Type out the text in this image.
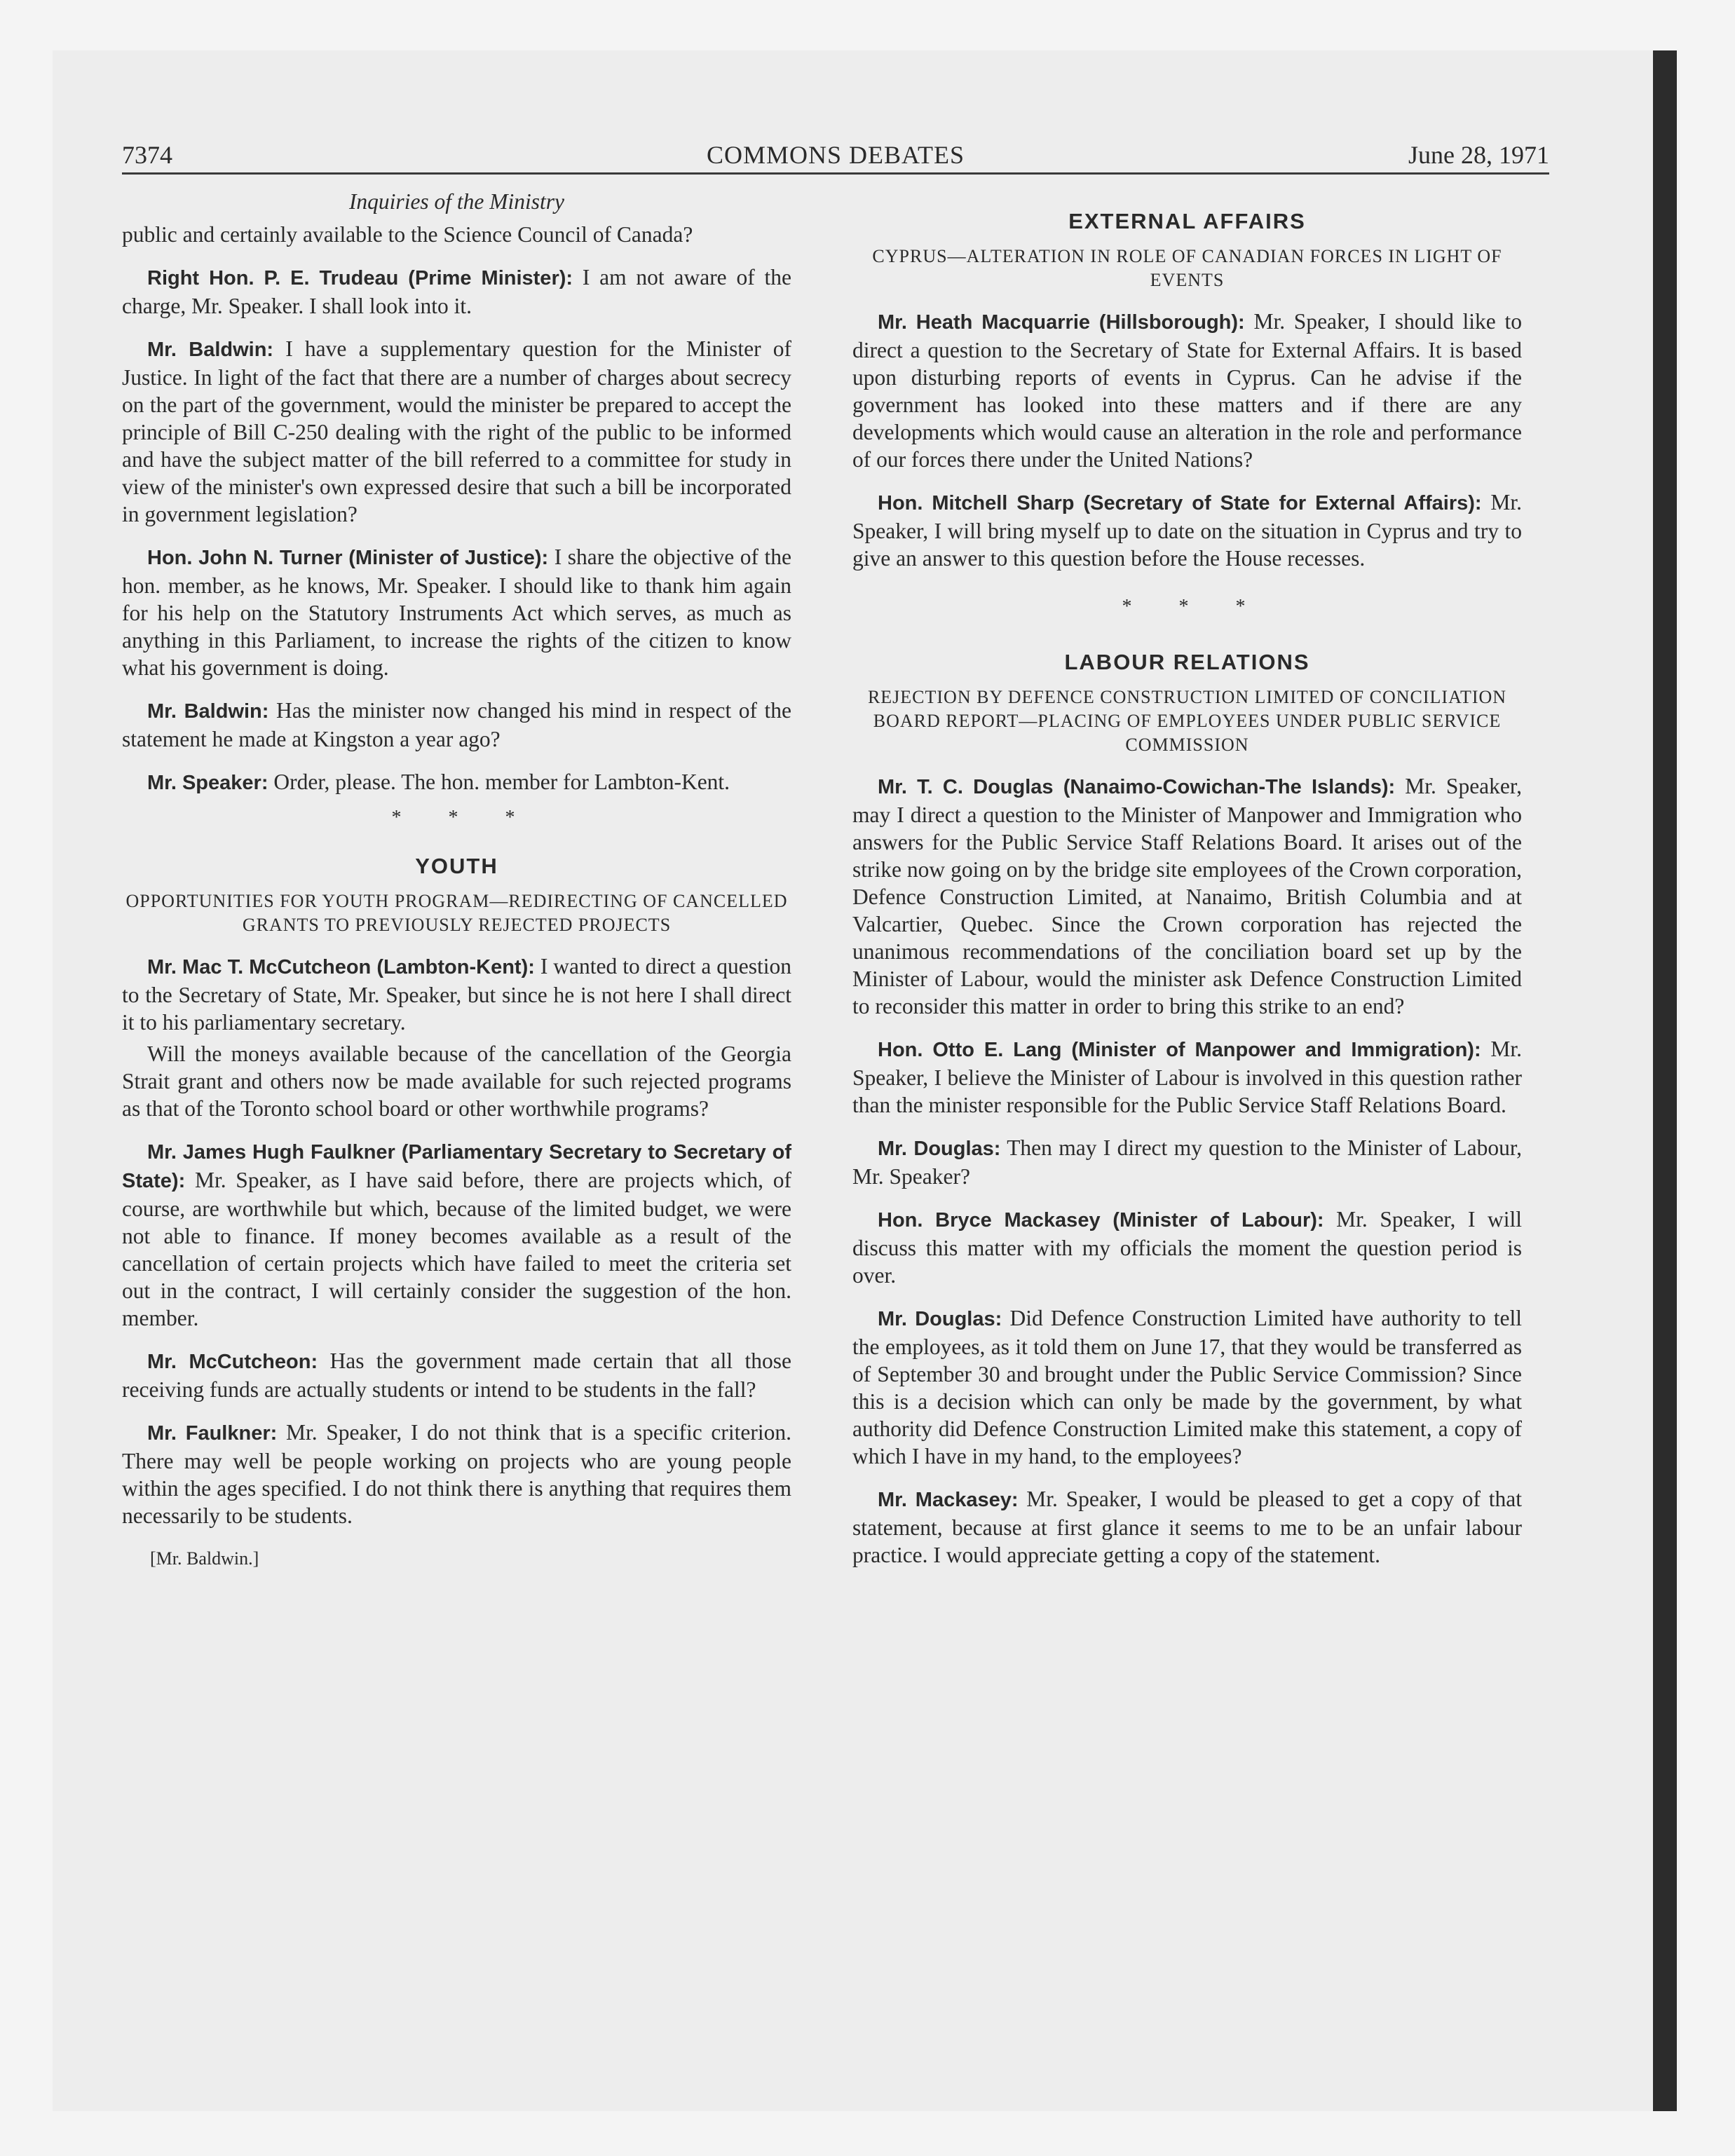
COMMONS DEBATES
7374	June 28, 1971
Inquiries of the Ministry

public and certainly available to the Science Council of Canada?

Right Hon. P. E. Trudeau (Prime Minister): I am not aware of the charge, Mr. Speaker. I shall look into it.

Mr. Baldwin: I have a supplementary question for the Minister of Justice. In light of the fact that there are a number of charges about secrecy on the part of the government, would the minister be prepared to accept the principle of Bill C-250 dealing with the right of the public to be informed and have the subject matter of the bill referred to a committee for study in view of the minister's own expressed desire that such a bill be incorporated in government legislation?

Hon. John N. Turner (Minister of Justice): I share the objective of the hon. member, as he knows, Mr. Speaker. I should like to thank him again for his help on the Statutory Instruments Act which serves, as much as anything in this Parliament, to increase the rights of the citizen to know what his government is doing.

Mr. Baldwin: Has the minister now changed his mind in respect of the statement he made at Kingston a year ago?

Mr. Speaker: Order, please. The hon. member for Lambton-Kent.

* * *
YOUTH
OPPORTUNITIES FOR YOUTH PROGRAM—REDIRECTING OF CANCELLED GRANTS TO PREVIOUSLY REJECTED PROJECTS

Mr. Mac T. McCutcheon (Lambton-Kent): I wanted to direct a question to the Secretary of State, Mr. Speaker, but since he is not here I shall direct it to his parliamentary secretary.

Will the moneys available because of the cancellation of the Georgia Strait grant and others now be made available for such rejected programs as that of the Toronto school board or other worthwhile programs?

Mr. James Hugh Faulkner (Parliamentary Secretary to Secretary of State): Mr. Speaker, as I have said before, there are projects which, of course, are worthwhile but which, because of the limited budget, we were not able to finance. If money becomes available as a result of the cancellation of certain projects which have failed to meet the criteria set out in the contract, I will certainly consider the suggestion of the hon. member.

Mr. McCutcheon: Has the government made certain that all those receiving funds are actually students or intend to be students in the fall?

Mr. Faulkner: Mr. Speaker, I do not think that is a specific criterion. There may well be people working on projects who are young people within the ages specified. I do not think there is anything that requires them necessarily to be students.

[Mr. Baldwin.]
EXTERNAL AFFAIRS
CYPRUS—ALTERATION IN ROLE OF CANADIAN FORCES IN LIGHT OF EVENTS

Mr. Heath Macquarrie (Hillsborough): Mr. Speaker, I should like to direct a question to the Secretary of State for External Affairs. It is based upon disturbing reports of events in Cyprus. Can he advise if the government has looked into these matters and if there are any developments which would cause an alteration in the role and performance of our forces there under the United Nations?

Hon. Mitchell Sharp (Secretary of State for External Affairs): Mr. Speaker, I will bring myself up to date on the situation in Cyprus and try to give an answer to this question before the House recesses.

* * *
LABOUR RELATIONS
REJECTION BY DEFENCE CONSTRUCTION LIMITED OF CONCILIATION BOARD REPORT—PLACING OF EMPLOYEES UNDER PUBLIC SERVICE COMMISSION

Mr. T. C. Douglas (Nanaimo-Cowichan-The Islands): Mr. Speaker, may I direct a question to the Minister of Manpower and Immigration who answers for the Public Service Staff Relations Board. It arises out of the strike now going on by the bridge site employees of the Crown corporation, Defence Construction Limited, at Nanaimo, British Columbia and at Valcartier, Quebec. Since the Crown corporation has rejected the unanimous recommendations of the conciliation board set up by the Minister of Labour, would the minister ask Defence Construction Limited to reconsider this matter in order to bring this strike to an end?

Hon. Otto E. Lang (Minister of Manpower and Immigration): Mr. Speaker, I believe the Minister of Labour is involved in this question rather than the minister responsible for the Public Service Staff Relations Board.

Mr. Douglas: Then may I direct my question to the Minister of Labour, Mr. Speaker?

Hon. Bryce Mackasey (Minister of Labour): Mr. Speaker, I will discuss this matter with my officials the moment the question period is over.

Mr. Douglas: Did Defence Construction Limited have authority to tell the employees, as it told them on June 17, that they would be transferred as of September 30 and brought under the Public Service Commission? Since this is a decision which can only be made by the government, by what authority did Defence Construction Limited make this statement, a copy of which I have in my hand, to the employees?

Mr. Mackasey: Mr. Speaker, I would be pleased to get a copy of that statement, because at first glance it seems to me to be an unfair labour practice. I would appreciate getting a copy of the statement.
